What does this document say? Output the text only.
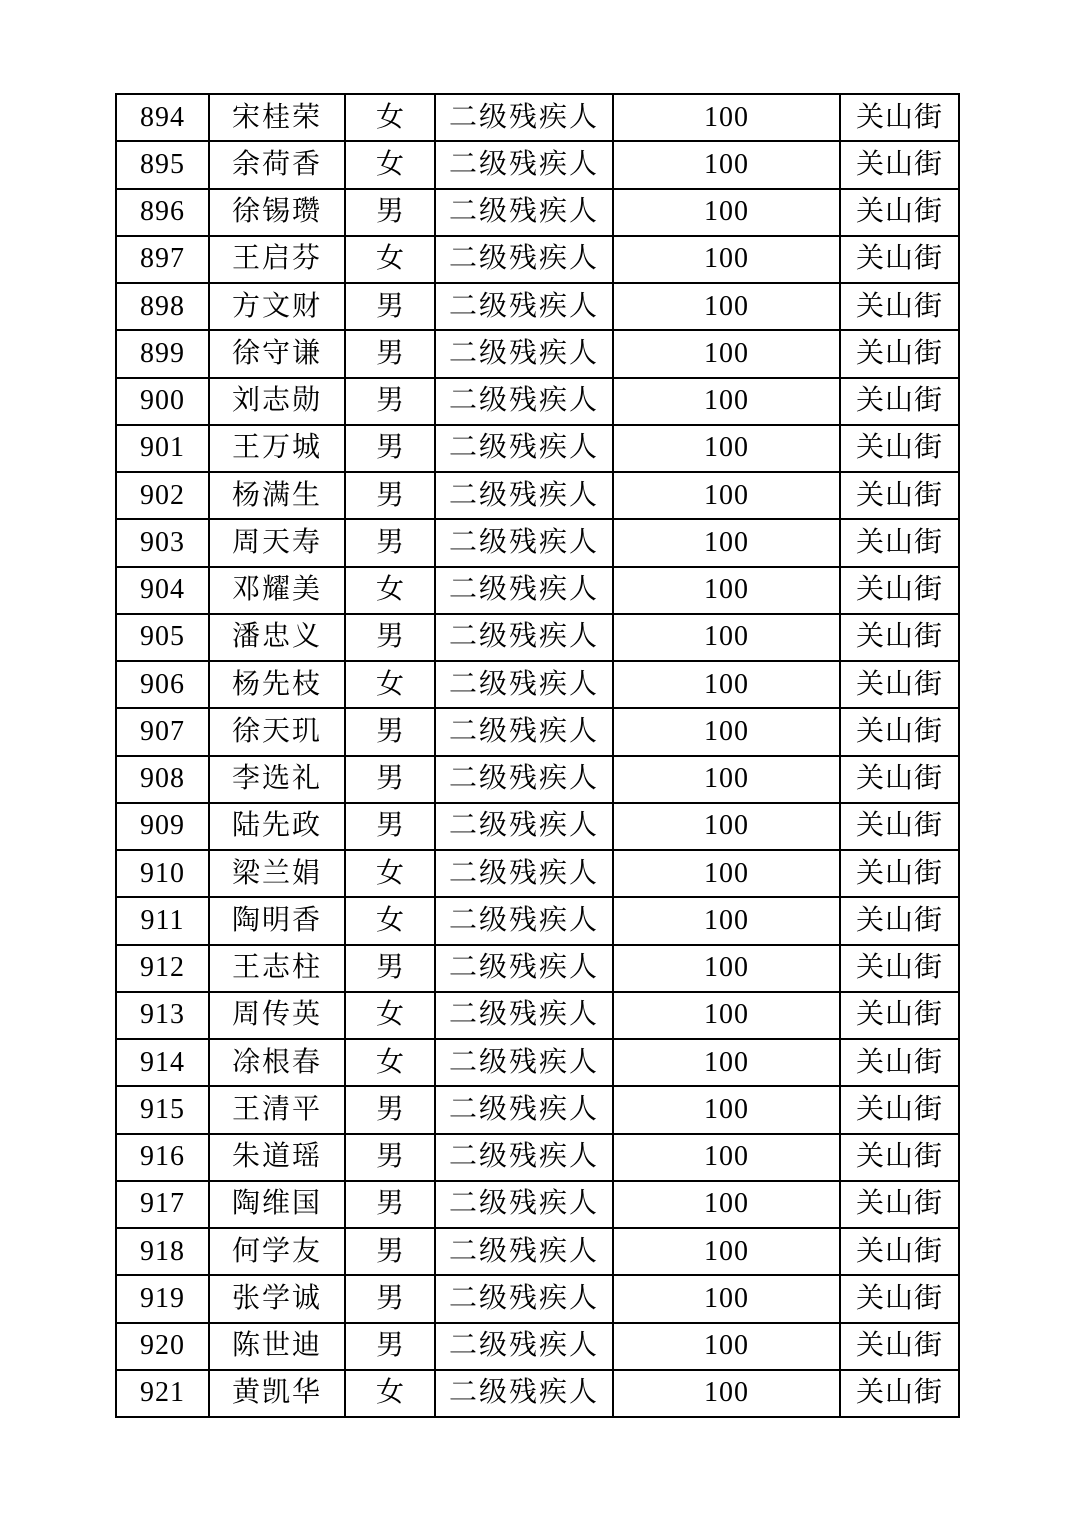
894	宋桂荣	女	二级残疾人	100	关山街
895	余荷香	女	二级残疾人	100	关山街
896	徐锡瓒	男	二级残疾人	100	关山街
897	王启芬	女	二级残疾人	100	关山街
898	方文财	男	二级残疾人	100	关山街
899	徐守谦	男	二级残疾人	100	关山街
900	刘志勋	男	二级残疾人	100	关山街
901	王万城	男	二级残疾人	100	关山街
902	杨满生	男	二级残疾人	100	关山街
903	周天寿	男	二级残疾人	100	关山街
904	邓耀美	女	二级残疾人	100	关山街
905	潘忠义	男	二级残疾人	100	关山街
906	杨先枝	女	二级残疾人	100	关山街
907	徐天玑	男	二级残疾人	100	关山街
908	李选礼	男	二级残疾人	100	关山街
909	陆先政	男	二级残疾人	100	关山街
910	梁兰娟	女	二级残疾人	100	关山街
911	陶明香	女	二级残疾人	100	关山街
912	王志柱	男	二级残疾人	100	关山街
913	周传英	女	二级残疾人	100	关山街
914	凃根春	女	二级残疾人	100	关山街
915	王清平	男	二级残疾人	100	关山街
916	朱道瑶	男	二级残疾人	100	关山街
917	陶维国	男	二级残疾人	100	关山街
918	何学友	男	二级残疾人	100	关山街
919	张学诚	男	二级残疾人	100	关山街
920	陈世迪	男	二级残疾人	100	关山街
921	黄凯华	女	二级残疾人	100	关山街
